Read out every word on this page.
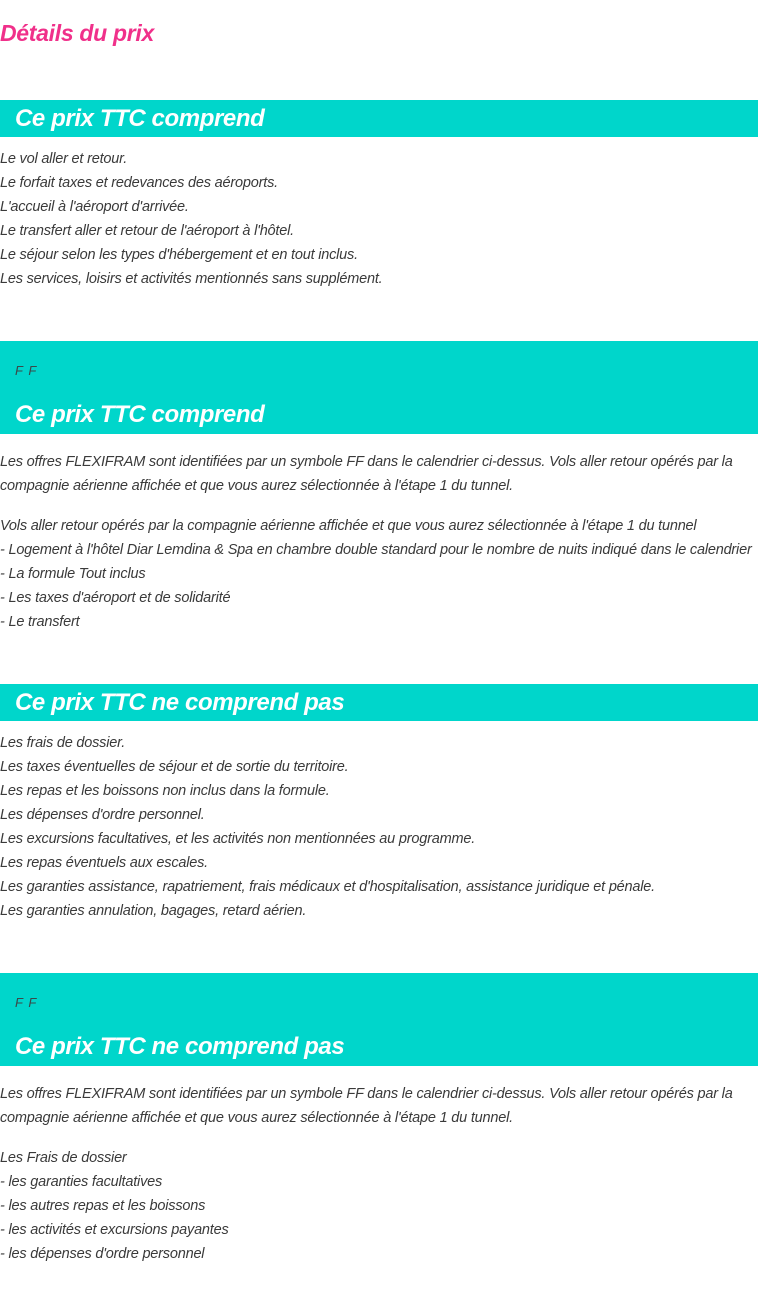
Détails du prix
Ce prix TTC comprend
Le vol aller et retour.
Le forfait taxes et redevances des aéroports.
L'accueil à l'aéroport d'arrivée.
Le transfert aller et retour de l'aéroport à l'hôtel.
Le séjour selon les types d'hébergement et en tout inclus.
Les services, loisirs et activités mentionnés sans supplément.
F F
Ce prix TTC comprend

Les offres FLEXIFRAM sont identifiées par un symbole FF dans le calendrier ci-dessus. Vols aller retour opérés par la compagnie aérienne affichée et que vous aurez sélectionnée à l'étape 1 du tunnel.

Vols aller retour opérés par la compagnie aérienne affichée et que vous aurez sélectionnée à l'étape 1 du tunnel
- Logement à l'hôtel Diar Lemdina & Spa en chambre double standard pour le nombre de nuits indiqué dans le calendrier
- La formule Tout inclus
- Les taxes d'aéroport et de solidarité
- Le transfert
Ce prix TTC ne comprend pas
Les frais de dossier.
Les taxes éventuelles de séjour et de sortie du territoire.
Les repas et les boissons non inclus dans la formule.
Les dépenses d'ordre personnel.
Les excursions facultatives, et les activités non mentionnées au programme.
Les repas éventuels aux escales.
Les garanties assistance, rapatriement, frais médicaux et d'hospitalisation, assistance juridique et pénale.
Les garanties annulation, bagages, retard aérien.
F F
Ce prix TTC ne comprend pas

Les offres FLEXIFRAM sont identifiées par un symbole FF dans le calendrier ci-dessus. Vols aller retour opérés par la compagnie aérienne affichée et que vous aurez sélectionnée à l'étape 1 du tunnel.

Les Frais de dossier
- les garanties facultatives
- les autres repas et les boissons
- les activités et excursions payantes
- les dépenses d'ordre personnel
